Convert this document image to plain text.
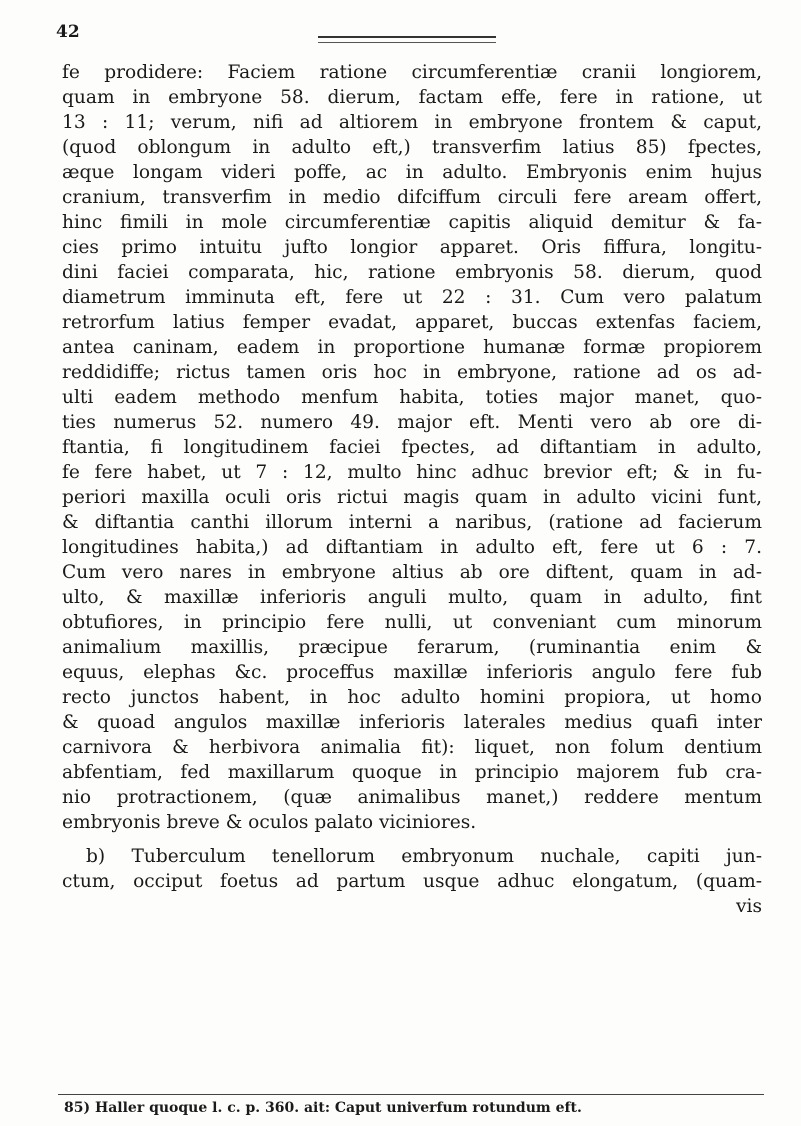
42
fe prodidere: Faciem ratione circumferentiæ cranii longiorem,
quam in embryone 58. dierum, factam effe, fere in ratione, ut
13 : 11; verum, nifi ad altiorem in embryone frontem & caput,
(quod oblongum in adulto eft,) transverfim latius 85) fpectes,
æque longam videri poffe, ac in adulto. Embryonis enim hujus
cranium, transverfim in medio difciffum circuli fere aream offert,
hinc fimili in mole circumferentiæ capitis aliquid demitur & fa-
cies primo intuitu jufto longior apparet. Oris fiffura, longitu-
dini faciei comparata, hic, ratione embryonis 58. dierum, quod
diametrum imminuta eft, fere ut 22 : 31. Cum vero palatum
retrorfum latius femper evadat, apparet, buccas extenfas faciem,
antea caninam, eadem in proportione humanæ formæ propiorem
reddidiffe; rictus tamen oris hoc in embryone, ratione ad os ad-
ulti eadem methodo menfum habita, toties major manet, quo-
ties numerus 52. numero 49. major eft. Menti vero ab ore di-
ftantia, fi longitudinem faciei fpectes, ad diftantiam in adulto,
fe fere habet, ut 7 : 12, multo hinc adhuc brevior eft; & in fu-
periori maxilla oculi oris rictui magis quam in adulto vicini funt,
& diftantia canthi illorum interni a naribus, (ratione ad facierum
longitudines habita,) ad diftantiam in adulto eft, fere ut 6 : 7.
Cum vero nares in embryone altius ab ore diftent, quam in ad-
ulto, & maxillæ inferioris anguli multo, quam in adulto, fint
obtufiores, in principio fere nulli, ut conveniant cum minorum
animalium maxillis, præcipue ferarum, (ruminantia enim &
equus, elephas &c. proceffus maxillæ inferioris angulo fere fub
recto junctos habent, in hoc adulto homini propiora, ut homo
& quoad angulos maxillæ inferioris laterales medius quafi inter
carnivora & herbivora animalia fit): liquet, non folum dentium
abfentiam, fed maxillarum quoque in principio majorem fub cra-
nio protractionem, (quæ animalibus manet,) reddere mentum
embryonis breve & oculos palato viciniores.
b) Tuberculum tenellorum embryonum nuchale, capiti jun-
ctum, occiput foetus ad partum usque adhuc elongatum, (quam-
vis
85) Haller quoque l. c. p. 360. ait: Caput univerfum rotundum eft.
